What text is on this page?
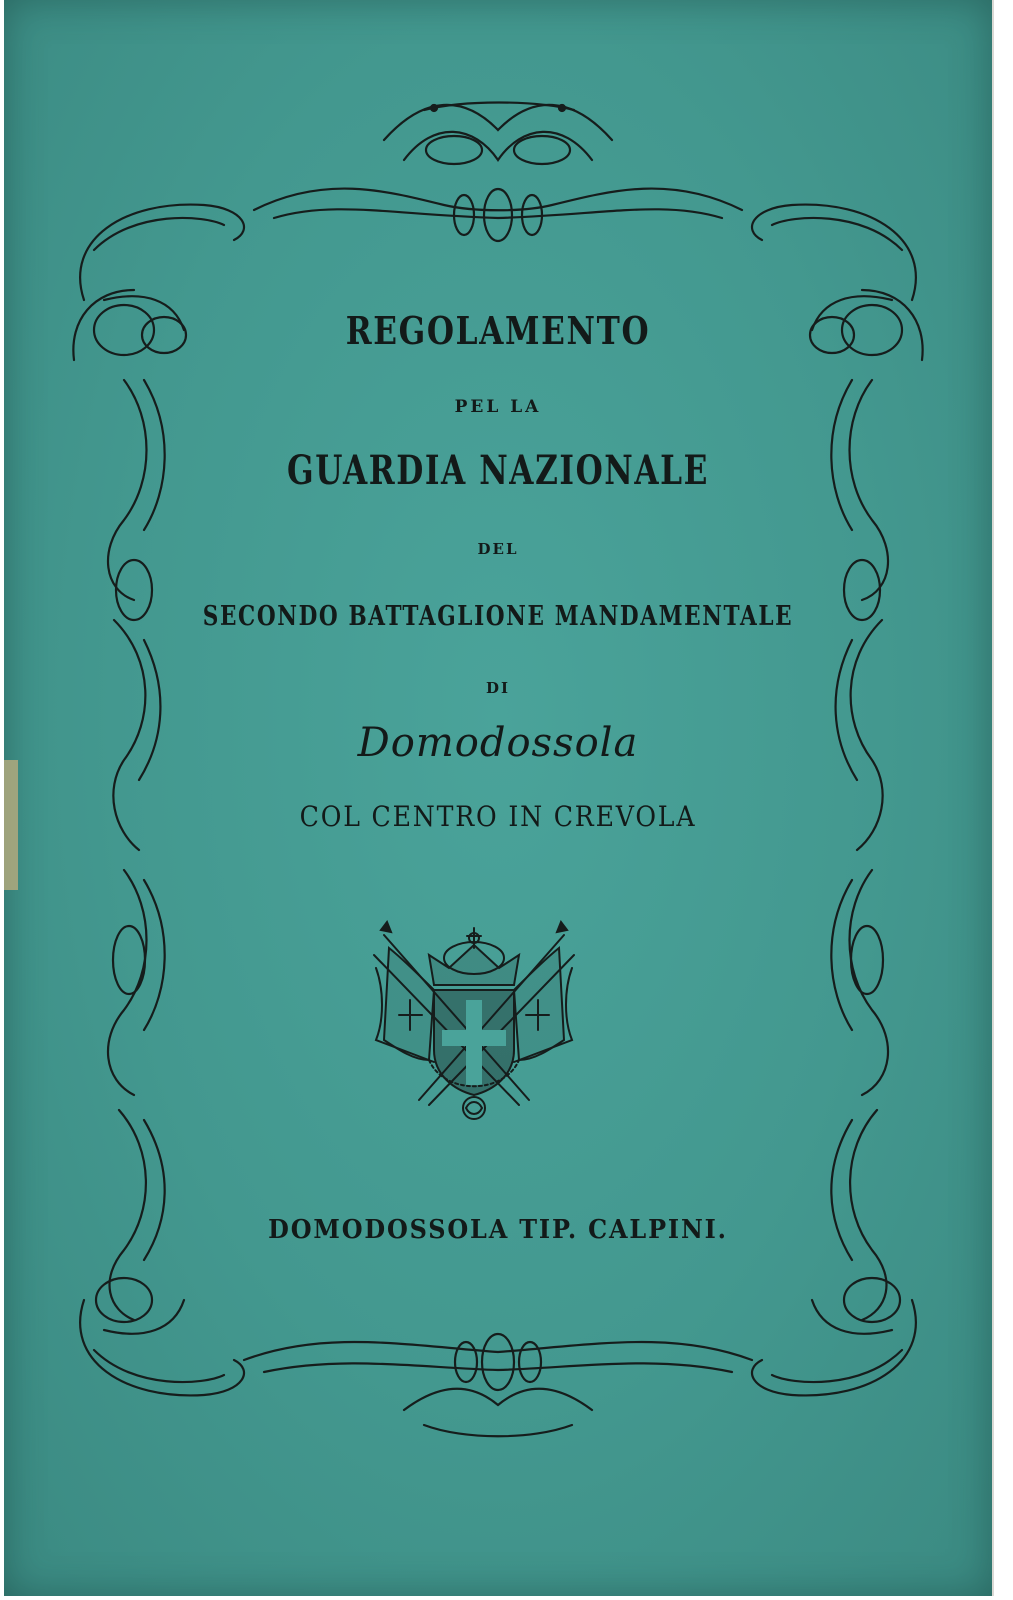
REGOLAMENTO
PEL LA
GUARDIA NAZIONALE
DEL
SECONDO BATTAGLIONE MANDAMENTALE
DI
Domodossola
COL CENTRO IN CREVOLA
DOMODOSSOLA TIP. CALPINI.
